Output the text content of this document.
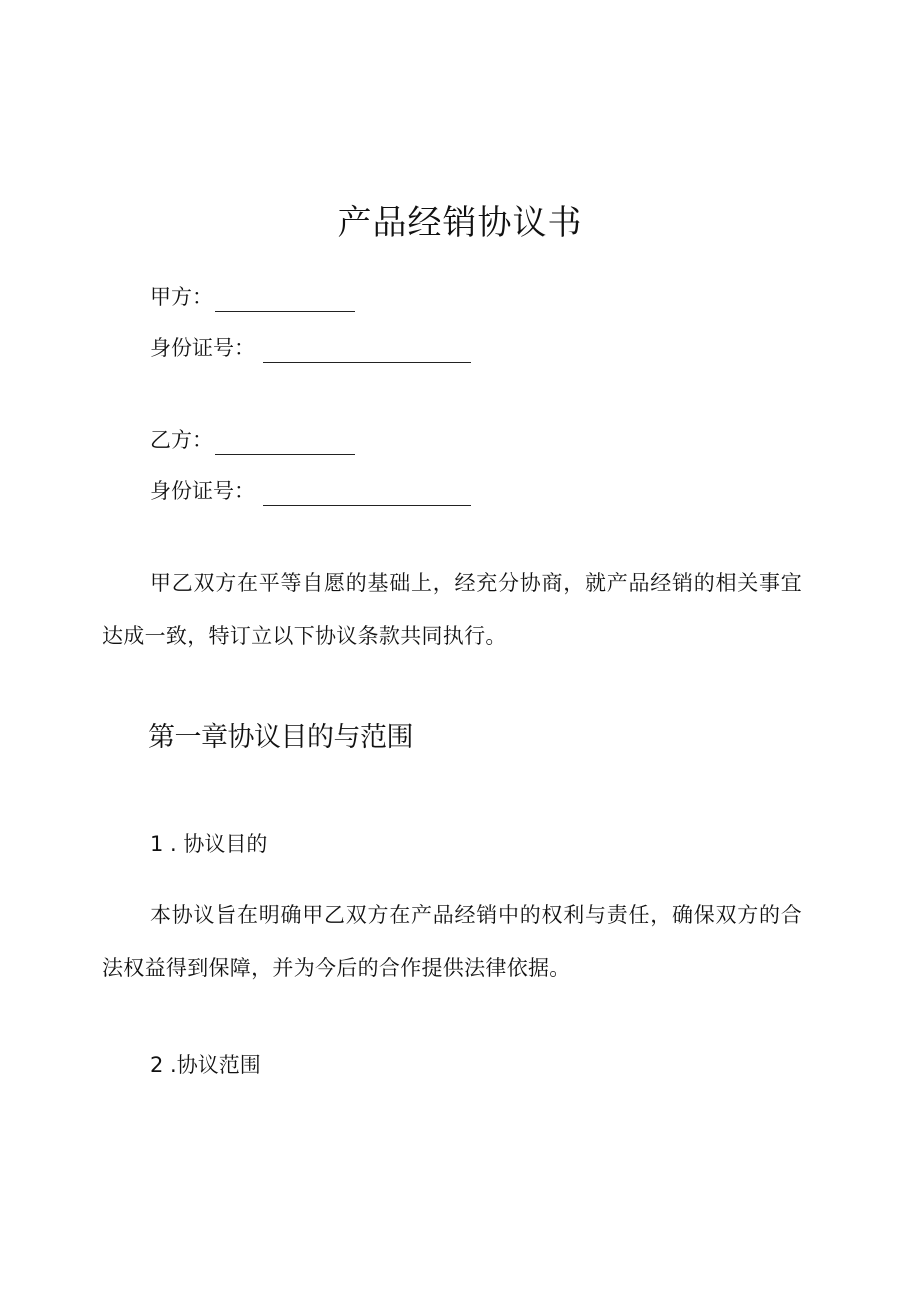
产品经销协议书
甲方：
身份证号：
乙方：
身份证号：

甲乙双方在平等自愿的基础上，经充分协商，就产品经销的相关事宜达成一致，特订立以下协议条款共同执行。

第一章协议目的与范围
1 . 协议目的

本协议旨在明确甲乙双方在产品经销中的权利与责任，确保双方的合法权益得到保障，并为今后的合作提供法律依据。

2 .协议范围
